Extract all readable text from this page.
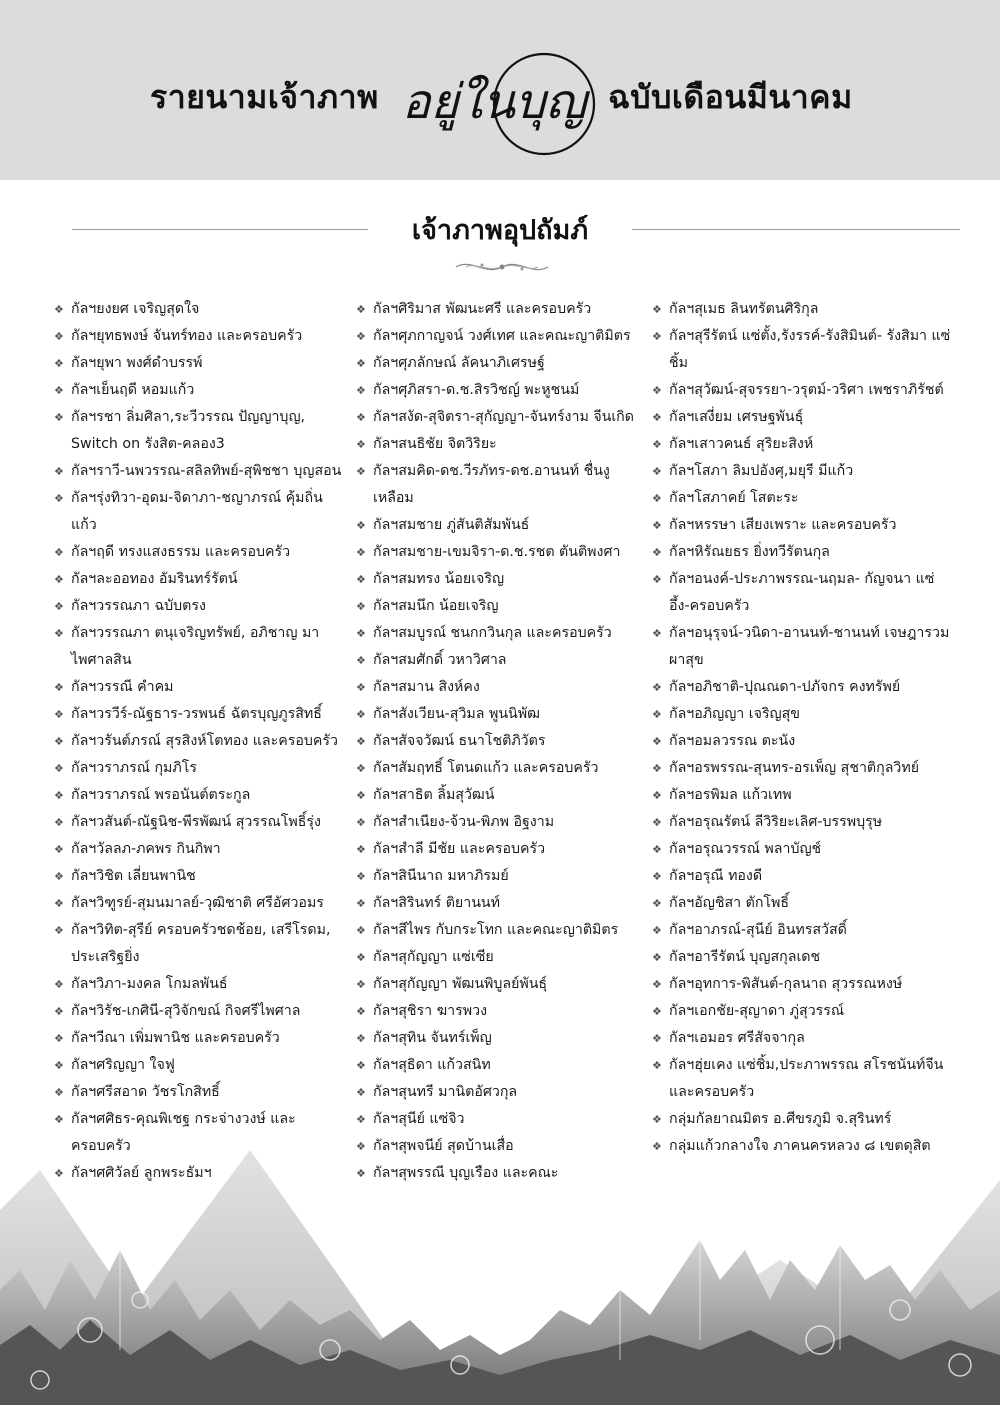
รายนามเจ้าภาพ อยู่ในบุญ ฉบับเดือนมีนาคม
เจ้าภาพอุปถัมภ์
❖ กัลฯยงยศ เจริญสุดใจ
❖ กัลฯยุทธพงษ์ จันทร์ทอง และครอบครัว
❖ กัลฯยุพา พงศ์ดำบรรพ์
❖ กัลฯเย็นฤดี หอมแก้ว
❖ กัลฯรชา ลิ่มศิลา,ระวีวรรณ ปัญญาบุญ, Switch on รังสิต-คลอง3
❖ กัลฯราวี-นพวรรณ-สลิลทิพย์-สุพิชชา บุญสอน
❖ กัลฯรุ่งทิวา-อุดม-จิดาภา-ชญาภรณ์ คุ้มถิ่นแก้ว
❖ กัลฯฤดี ทรงแสงธรรม และครอบครัว
❖ กัลฯละออทอง อัมรินทร์รัตน์
❖ กัลฯวรรณภา ฉบับตรง
❖ กัลฯวรรณภา ตนุเจริญทรัพย์, อภิชาญ มาไพศาลสิน
❖ กัลฯวรรณี คำคม
❖ กัลฯวรวีร์-ณัฐธาร-วรพนธ์ ฉัตรบุญภูรสิทธิ์
❖ กัลฯวรันต์ภรณ์ สุรสิงห์โตทอง และครอบครัว
❖ กัลฯวราภรณ์ กุมภิโร
❖ กัลฯวราภรณ์ พรอนันต์ตระกูล
❖ กัลฯวสันต์-ณัฐนิช-พีรพัฒน์ สุวรรณโพธิ์รุ่ง
❖ กัลฯวัลลภ-ภคพร กินกิพา
❖ กัลฯวิชิต เลี่ยนพานิช
❖ กัลฯวิฑูรย์-สุมนมาลย์-วุฒิชาติ ศรีอัศวอมร
❖ กัลฯวิทิต-สุรีย์ ครอบครัวชดช้อย, เสรีโรดม, ประเสริฐยิ่ง
❖ กัลฯวิภา-มงคล โกมลพันธ์
❖ กัลฯวิรัช-เกศินี-สุวิจักขณ์ กิจศรีไพศาล
❖ กัลฯวีณา เพิ่มพานิช และครอบครัว
❖ กัลฯศริญญา ใจฟู
❖ กัลฯศรีสอาด วัชรโกสิทธิ์
❖ กัลฯศศิธร-คุณพิเชฐ กระจ่างวงษ์ และครอบครัว
❖ กัลฯศศิวัลย์ ลูกพระธัมฯ
❖ กัลฯศิริมาส พัฒนะศรี และครอบครัว
❖ กัลฯศุภกาญจน์ วงศ์เทศ และคณะญาติมิตร
❖ กัลฯศุภลักษณ์ ลัคนาภิเศรษฐ์
❖ กัลฯศุภิสรา-ด.ช.สิรวิชญ์ พะหูชนม์
❖ กัลฯสงัด-สุจิตรา-สุกัญญา-จันทร์งาม จีนเกิด
❖ กัลฯสนธิชัย จิตวิริยะ
❖ กัลฯสมคิด-ดช.วีรภัทร-ดช.อานนท์ ชื่นงูเหลือม
❖ กัลฯสมชาย ภู่สันติสัมพันธ์
❖ กัลฯสมชาย-เขมจิรา-ด.ช.รชต ตันติพงศา
❖ กัลฯสมทรง น้อยเจริญ
❖ กัลฯสมนึก น้อยเจริญ
❖ กัลฯสมบูรณ์ ชนกกวินกุล และครอบครัว
❖ กัลฯสมศักดิ์ วหาวิศาล
❖ กัลฯสมาน สิงห์คง
❖ กัลฯสังเวียน-สุวิมล พูนนิพัฒ
❖ กัลฯสัจจวัฒน์ ธนาโชติภิวัตร
❖ กัลฯสัมฤทธิ์ โตนดแก้ว และครอบครัว
❖ กัลฯสาธิต ลิ้มสุวัฒน์
❖ กัลฯสำเนียง-จ้วน-พิภพ อิฐงาม
❖ กัลฯสำลี มีชัย และครอบครัว
❖ กัลฯสินีนาถ มหาภิรมย์
❖ กัลฯสิรินทร์ ติยานนท์
❖ กัลฯสีไพร กับกระโทก และคณะญาติมิตร
❖ กัลฯสุกัญญา แซ่เซีย
❖ กัลฯสุกัญญา พัฒนพิบูลย์พันธุ์
❖ กัลฯสุชิรา ฆารพวง
❖ กัลฯสุทิน จันทร์เพ็ญ
❖ กัลฯสุธิดา แก้วสนิท
❖ กัลฯสุนทรี มานิตอัศวกุล
❖ กัลฯสุนีย์ แซ่จิว
❖ กัลฯสุพจนีย์ สุดบ้านเสื่อ
❖ กัลฯสุพรรณี บุญเรือง และคณะ
❖ กัลฯสุเมธ ลินทรัตนศิริกุล
❖ กัลฯสุรีรัตน์ แซ่ตั้ง,รังรรค์-รังสิมินต์- รังสิมา แซ่ชิ้ม
❖ กัลฯสุวัฒน์-สุจรรยา-วรุตม์-วริศา เพชราภิรัชต์
❖ กัลฯเสงี่ยม เศรษฐพันธุ์
❖ กัลฯเสาวคนธ์ สุริยะสิงห์
❖ กัลฯโสภา ลิมปอังศุ,มยุรี มีแก้ว
❖ กัลฯโสภาคย์ โสตะระ
❖ กัลฯหรรษา เสียงเพราะ และครอบครัว
❖ กัลฯหิรัณยธร ยิ่งทวีรัตนกุล
❖ กัลฯอนงค์-ประภาพรรณ-นฤมล- กัญจนา แซ่อึ้ง-ครอบครัว
❖ กัลฯอนุรุจน์-วนิดา-อานนท์-ชานนท์ เจษฎารวมผาสุข
❖ กัลฯอภิชาติ-ปุณณดา-ปภัจกร คงทรัพย์
❖ กัลฯอภิญญา เจริญสุข
❖ กัลฯอมลวรรณ ตะนัง
❖ กัลฯอรพรรณ-สุนทร-อรเพ็ญ สุชาติกุลวิทย์
❖ กัลฯอรพิมล แก้วเทพ
❖ กัลฯอรุณรัตน์ ลีวิริยะเลิศ-บรรพบุรุษ
❖ กัลฯอรุณวรรณ์ พลาบัญช์
❖ กัลฯอรุณี ทองดี
❖ กัลฯอัญชิสา ตักโพธิ์
❖ กัลฯอาภรณ์-สุนีย์ อินทรสวัสดิ์
❖ กัลฯอารีรัตน์ บุญสกุลเดช
❖ กัลฯอุทการ-พิสันต์-กุลนาถ สุวรรณหงษ์
❖ กัลฯเอกชัย-สุญาดา ภู่สุวรรณ์
❖ กัลฯเอมอร ศรีสัจจากุล
❖ กัลฯฮุ่ยเคง แซ่ชิ้ม,ประภาพรรณ สโรชนันท์จีน และครอบครัว
❖ กลุ่มกัลยาณมิตร อ.ศีขรภูมิ จ.สุรินทร์
❖ กลุ่มแก้วกลางใจ ภาคนครหลวง ๘ เขตดุสิต
